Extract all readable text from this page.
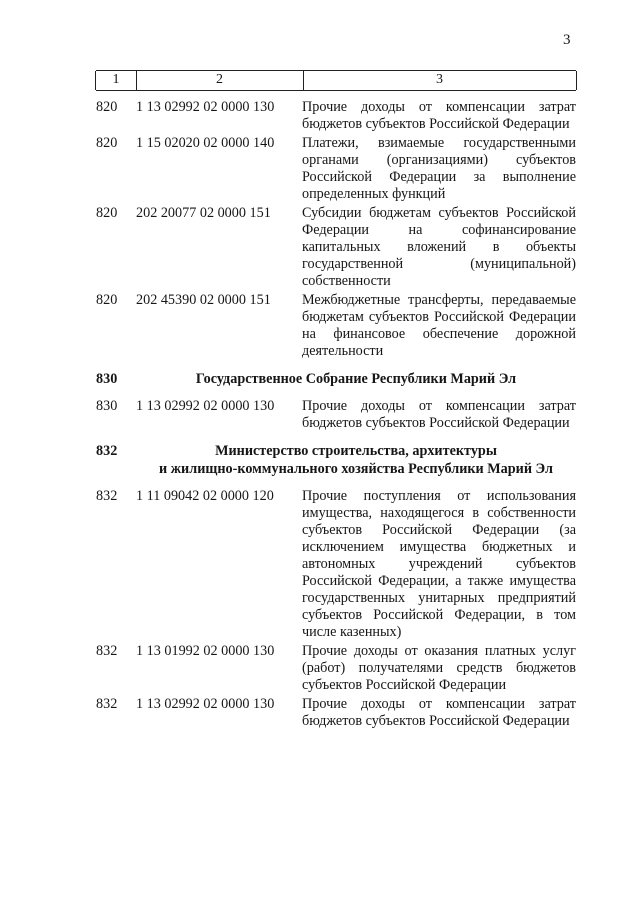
3
1	2	3
820	1 13 02992 02 0000 130	Прочие доходы от компенсации затрат бюджетов субъектов Российской Федерации
820	1 15 02020 02 0000 140	Платежи, взимаемые государственными органами (организациями) субъектов Российской Федерации за выполнение определенных функций
820	202 20077 02 0000 151	Субсидии бюджетам субъектов Российской Федерации на софинансирование капитальных вложений в объекты государственной (муниципальной) собственности
820	202 45390 02 0000 151	Межбюджетные трансферты, передаваемые бюджетам субъектов Российской Федерации на финансовое обеспечение дорожной деятельности
830	Государственное Собрание Республики Марий Эл
830	1 13 02992 02 0000 130	Прочие доходы от компенсации затрат бюджетов субъектов Российской Федерации
832	Министерство строительства, архитектуры
и жилищно-коммунального хозяйства Республики Марий Эл
832	1 11 09042 02 0000 120	Прочие поступления от использования имущества, находящегося в собственности субъектов Российской Федерации (за исключением имущества бюджетных и автономных учреждений субъектов Российской Федерации, а также имущества государственных унитарных предприятий субъектов Российской Федерации, в том числе казенных)
832	1 13 01992 02 0000 130	Прочие доходы от оказания платных услуг (работ) получателями средств бюджетов субъектов Российской Федерации
832	1 13 02992 02 0000 130	Прочие доходы от компенсации затрат бюджетов субъектов Российской Федерации
